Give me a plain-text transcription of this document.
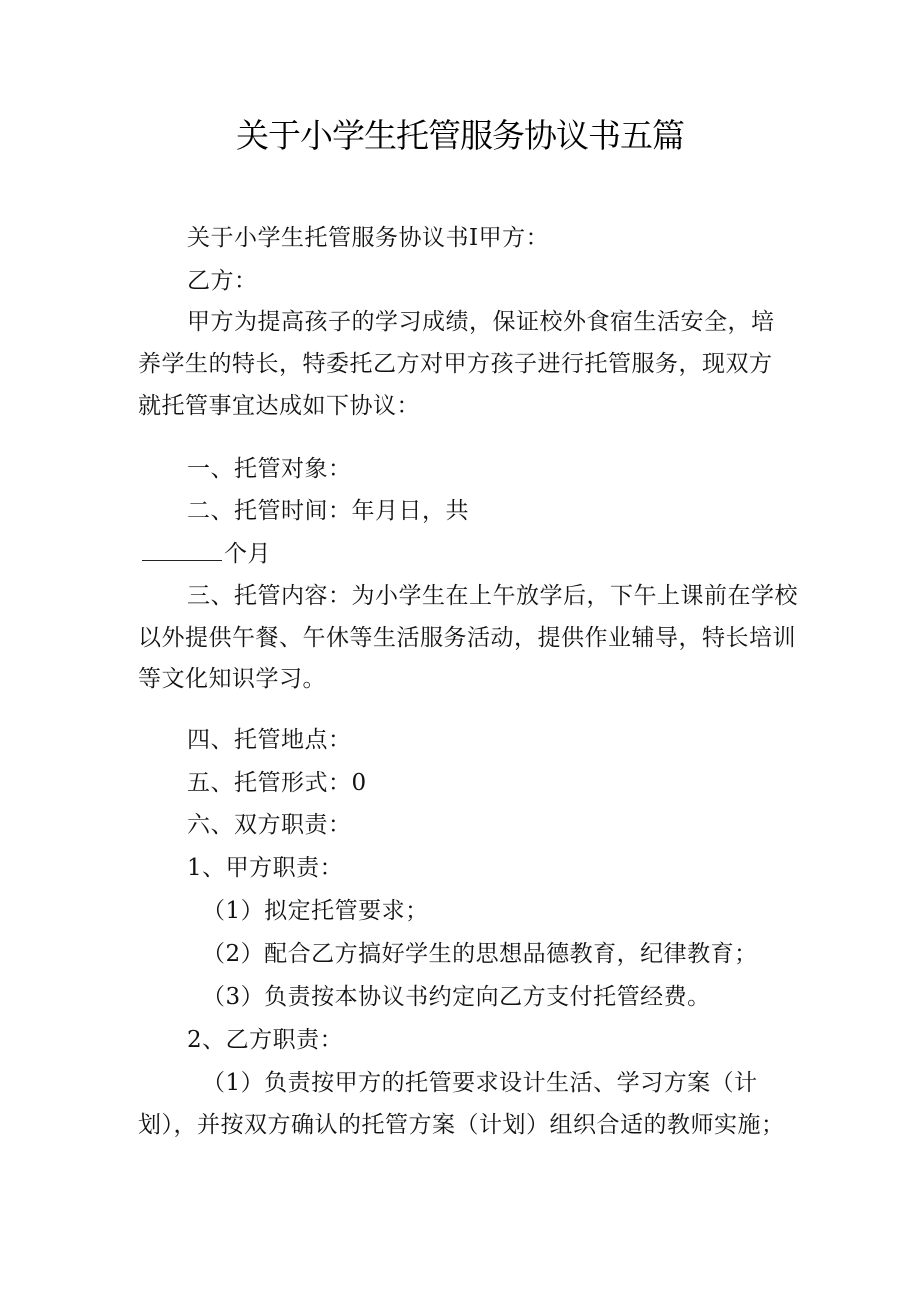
关于小学生托管服务协议书五篇
关于小学生托管服务协议书I甲方：
乙方：
甲方为提高孩子的学习成绩，保证校外食宿生活安全，培
养学生的特长，特委托乙方对甲方孩子进行托管服务，现双方
就托管事宜达成如下协议：
一、托管对象：
二、托管时间：年月日，共
个月
三、托管内容：为小学生在上午放学后，下午上课前在学校
以外提供午餐、午休等生活服务活动，提供作业辅导，特长培训
等文化知识学习。
四、托管地点：
五、托管形式：0
六、双方职责：
1、甲方职责：
（1）拟定托管要求；
（2）配合乙方搞好学生的思想品德教育，纪律教育；
（3）负责按本协议书约定向乙方支付托管经费。
2、乙方职责：
（1）负责按甲方的托管要求设计生活、学习方案（计
划），并按双方确认的托管方案（计划）组织合适的教师实施；
